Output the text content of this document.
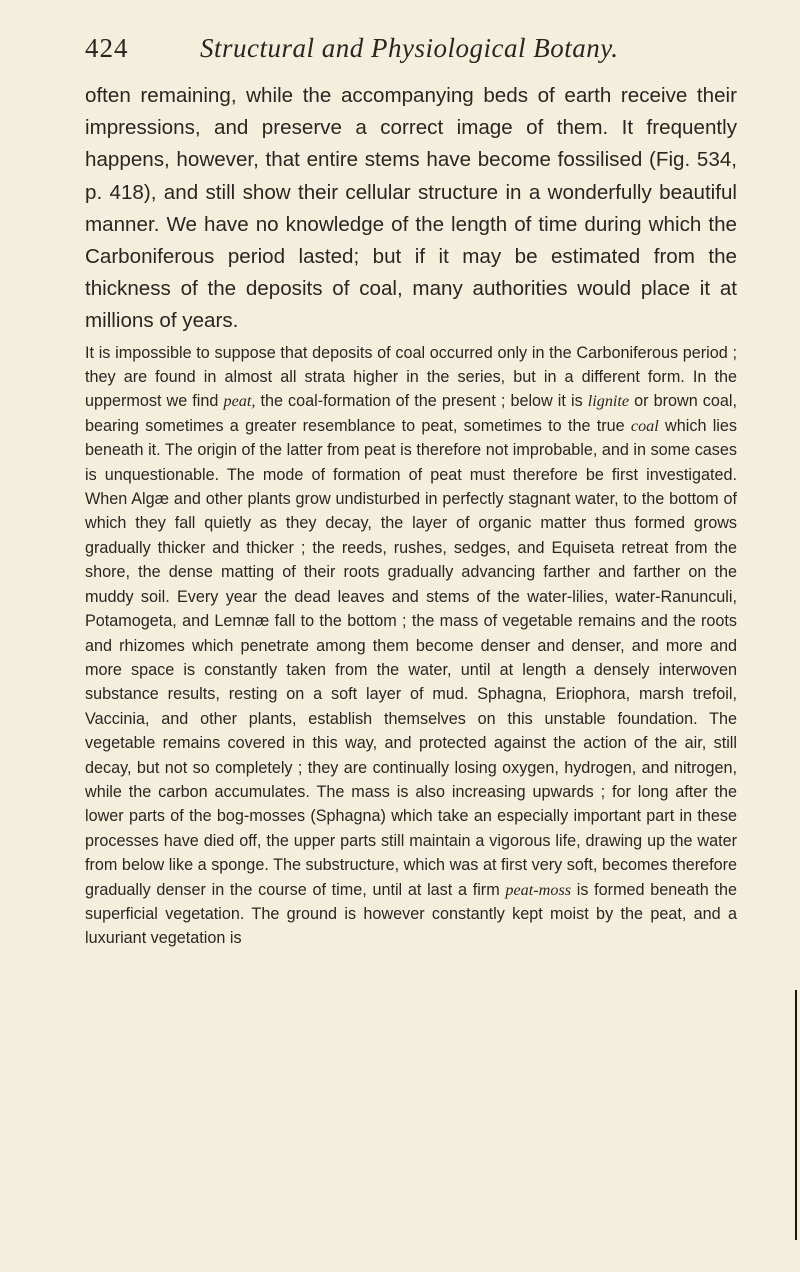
424	Structural and Physiological Botany.

often remaining, while the accompanying beds of earth receive their impressions, and preserve a correct image of them. It frequently happens, however, that entire stems have become fossilised (Fig. 534, p. 418), and still show their cellular structure in a wonderfully beautiful manner. We have no knowledge of the length of time during which the Carboniferous period lasted; but if it may be estimated from the thickness of the deposits of coal, many authorities would place it at millions of years.

It is impossible to suppose that deposits of coal occurred only in the Carboniferous period ; they are found in almost all strata higher in the series, but in a different form. In the uppermost we find peat, the coal-formation of the present ; below it is lignite or brown coal, bearing sometimes a greater resemblance to peat, sometimes to the true coal which lies beneath it. The origin of the latter from peat is therefore not improbable, and in some cases is unquestionable. The mode of formation of peat must therefore be first investigated. When Algæ and other plants grow undisturbed in perfectly stagnant water, to the bottom of which they fall quietly as they decay, the layer of organic matter thus formed grows gradually thicker and thicker ; the reeds, rushes, sedges, and Equiseta retreat from the shore, the dense matting of their roots gradually advancing farther and farther on the muddy soil. Every year the dead leaves and stems of the water-lilies, water-Ranunculi, Potamogeta, and Lemnæ fall to the bottom ; the mass of vegetable remains and the roots and rhizomes which penetrate among them become denser and denser, and more and more space is constantly taken from the water, until at length a densely interwoven substance results, resting on a soft layer of mud. Sphagna, Eriophora, marsh trefoil, Vaccinia, and other plants, establish themselves on this unstable foundation. The vegetable remains covered in this way, and protected against the action of the air, still decay, but not so completely ; they are continually losing oxygen, hydrogen, and nitrogen, while the carbon accumulates. The mass is also increasing upwards ; for long after the lower parts of the bog-mosses (Sphagna) which take an especially important part in these processes have died off, the upper parts still maintain a vigorous life, drawing up the water from below like a sponge. The substructure, which was at first very soft, becomes therefore gradually denser in the course of time, until at last a firm peat-moss is formed beneath the superficial vegetation. The ground is however constantly kept moist by the peat, and a luxuriant vegetation is
